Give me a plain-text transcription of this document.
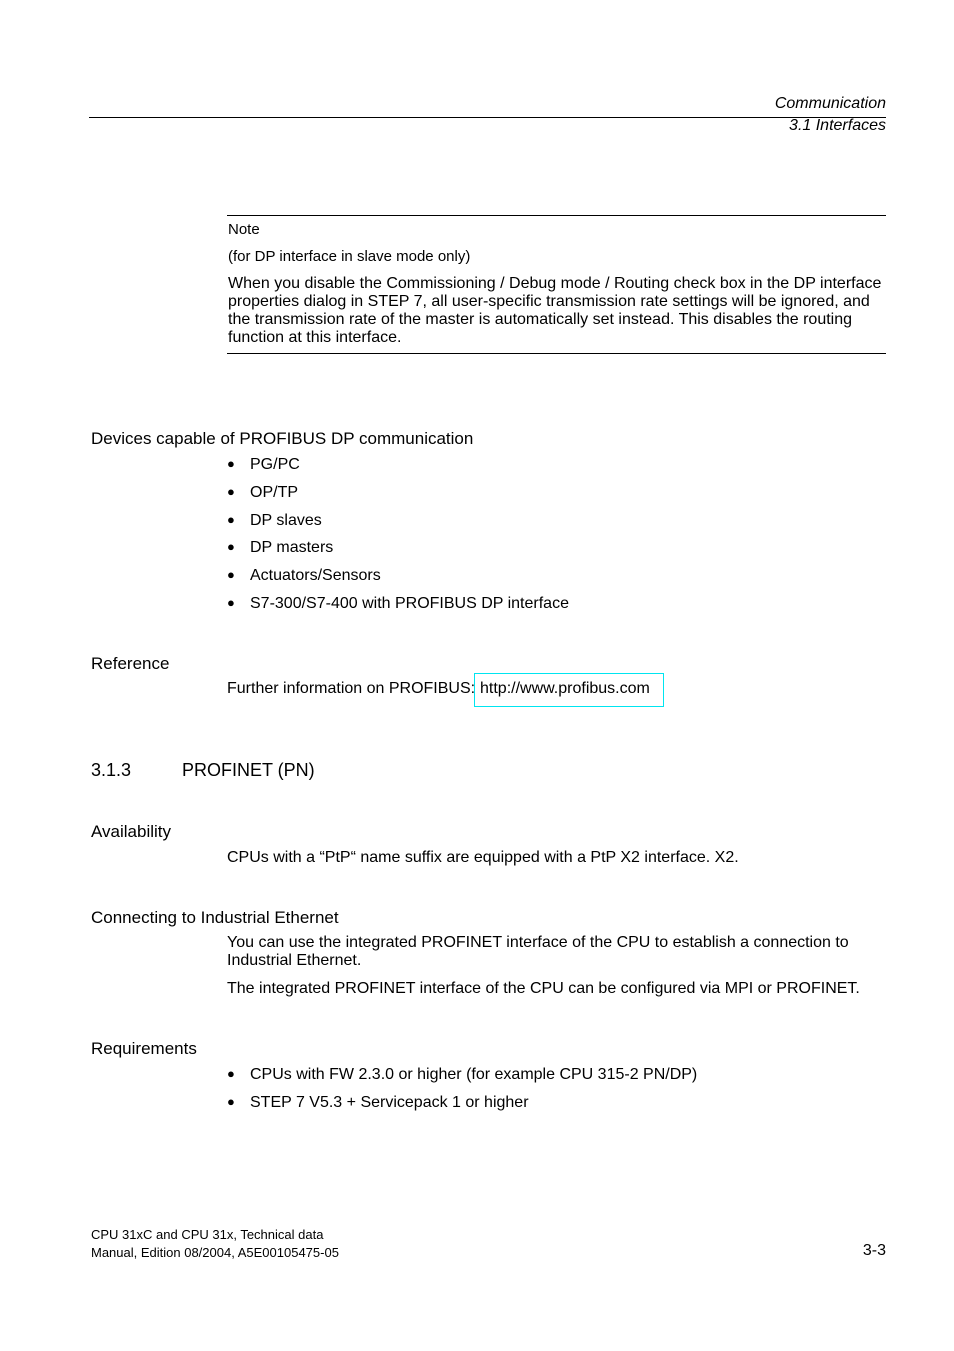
Communication
3.1 Interfaces
Note
(for DP interface in slave mode only)
When you disable the Commissioning / Debug mode / Routing check box in the DP interface
properties dialog in STEP 7, all user-specific transmission rate settings will be ignored, and
the transmission rate of the master is automatically set instead. This disables the routing
function at this interface.
Devices capable of PROFIBUS DP communication
● PG/PC
● OP/TP
● DP slaves
● DP masters
● Actuators/Sensors
● S7-300/S7-400 with PROFIBUS DP interface
Reference
Further information on PROFIBUS: http://www.profibus.com
3.1.3	PROFINET (PN)
Availability
CPUs with a “PtP“ name suffix are equipped with a PtP X2 interface. X2.
Connecting to Industrial Ethernet
You can use the integrated PROFINET interface of the CPU to establish a connection to
Industrial Ethernet.
The integrated PROFINET interface of the CPU can be configured via MPI or PROFINET.
Requirements
● CPUs with FW 2.3.0 or higher (for example CPU 315-2 PN/DP)
● STEP 7 V5.3 + Servicepack 1 or higher
CPU 31xC and CPU 31x, Technical data
Manual, Edition 08/2004, A5E00105475-05	3-3
